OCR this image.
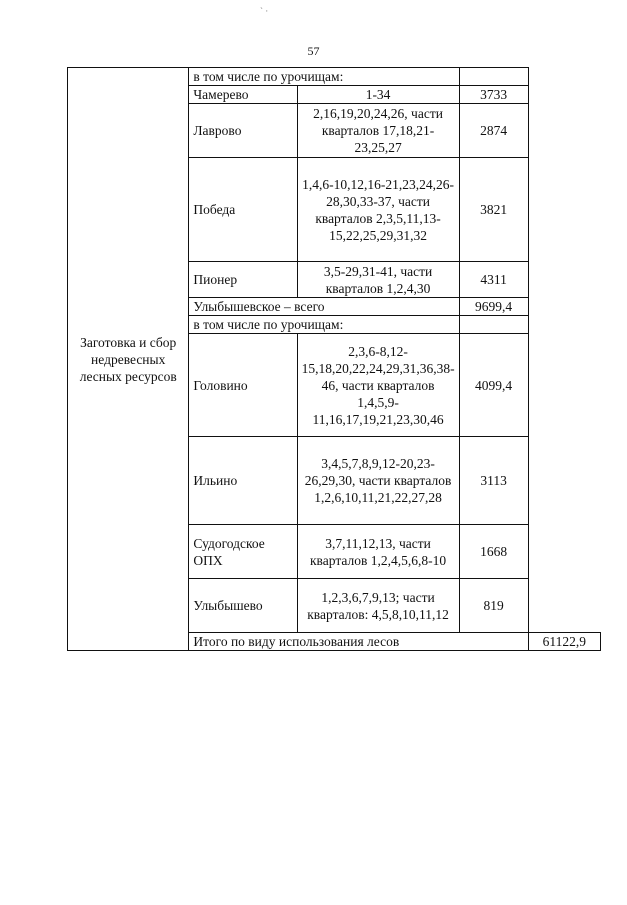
` ·
57
Заготовка и сбор недревесных лесных ресурсов	в том числе по урочищам:			
	Чамерево	1-34	3733	
	Лаврово	2,16,19,20,24,26, части кварталов 17,18,21-23,25,27	2874	
	Победа	1,4,6-10,12,16-21,23,24,26-28,30,33-37, части кварталов 2,3,5,11,13-15,22,25,29,31,32	3821	
	Пионер	3,5-29,31-41, части кварталов 1,2,4,30	4311	
	Улыбышевское – всего		9699,4	
	в том числе по урочищам:			
	Головино	2,3,6-8,12-15,18,20,22,24,29,31,36,38-46, части кварталов 1,4,5,9-11,16,17,19,21,23,30,46	4099,4	
	Ильино	3,4,5,7,8,9,12-20,23-26,29,30, части кварталов 1,2,6,10,11,21,22,27,28	3113	
	Судогодское ОПХ	3,7,11,12,13, части кварталов 1,2,4,5,6,8-10	1668	
	Улыбышево	1,2,3,6,7,9,13; части кварталов: 4,5,8,10,11,12	819	
	Итого по виду использования лесов			61122,9
